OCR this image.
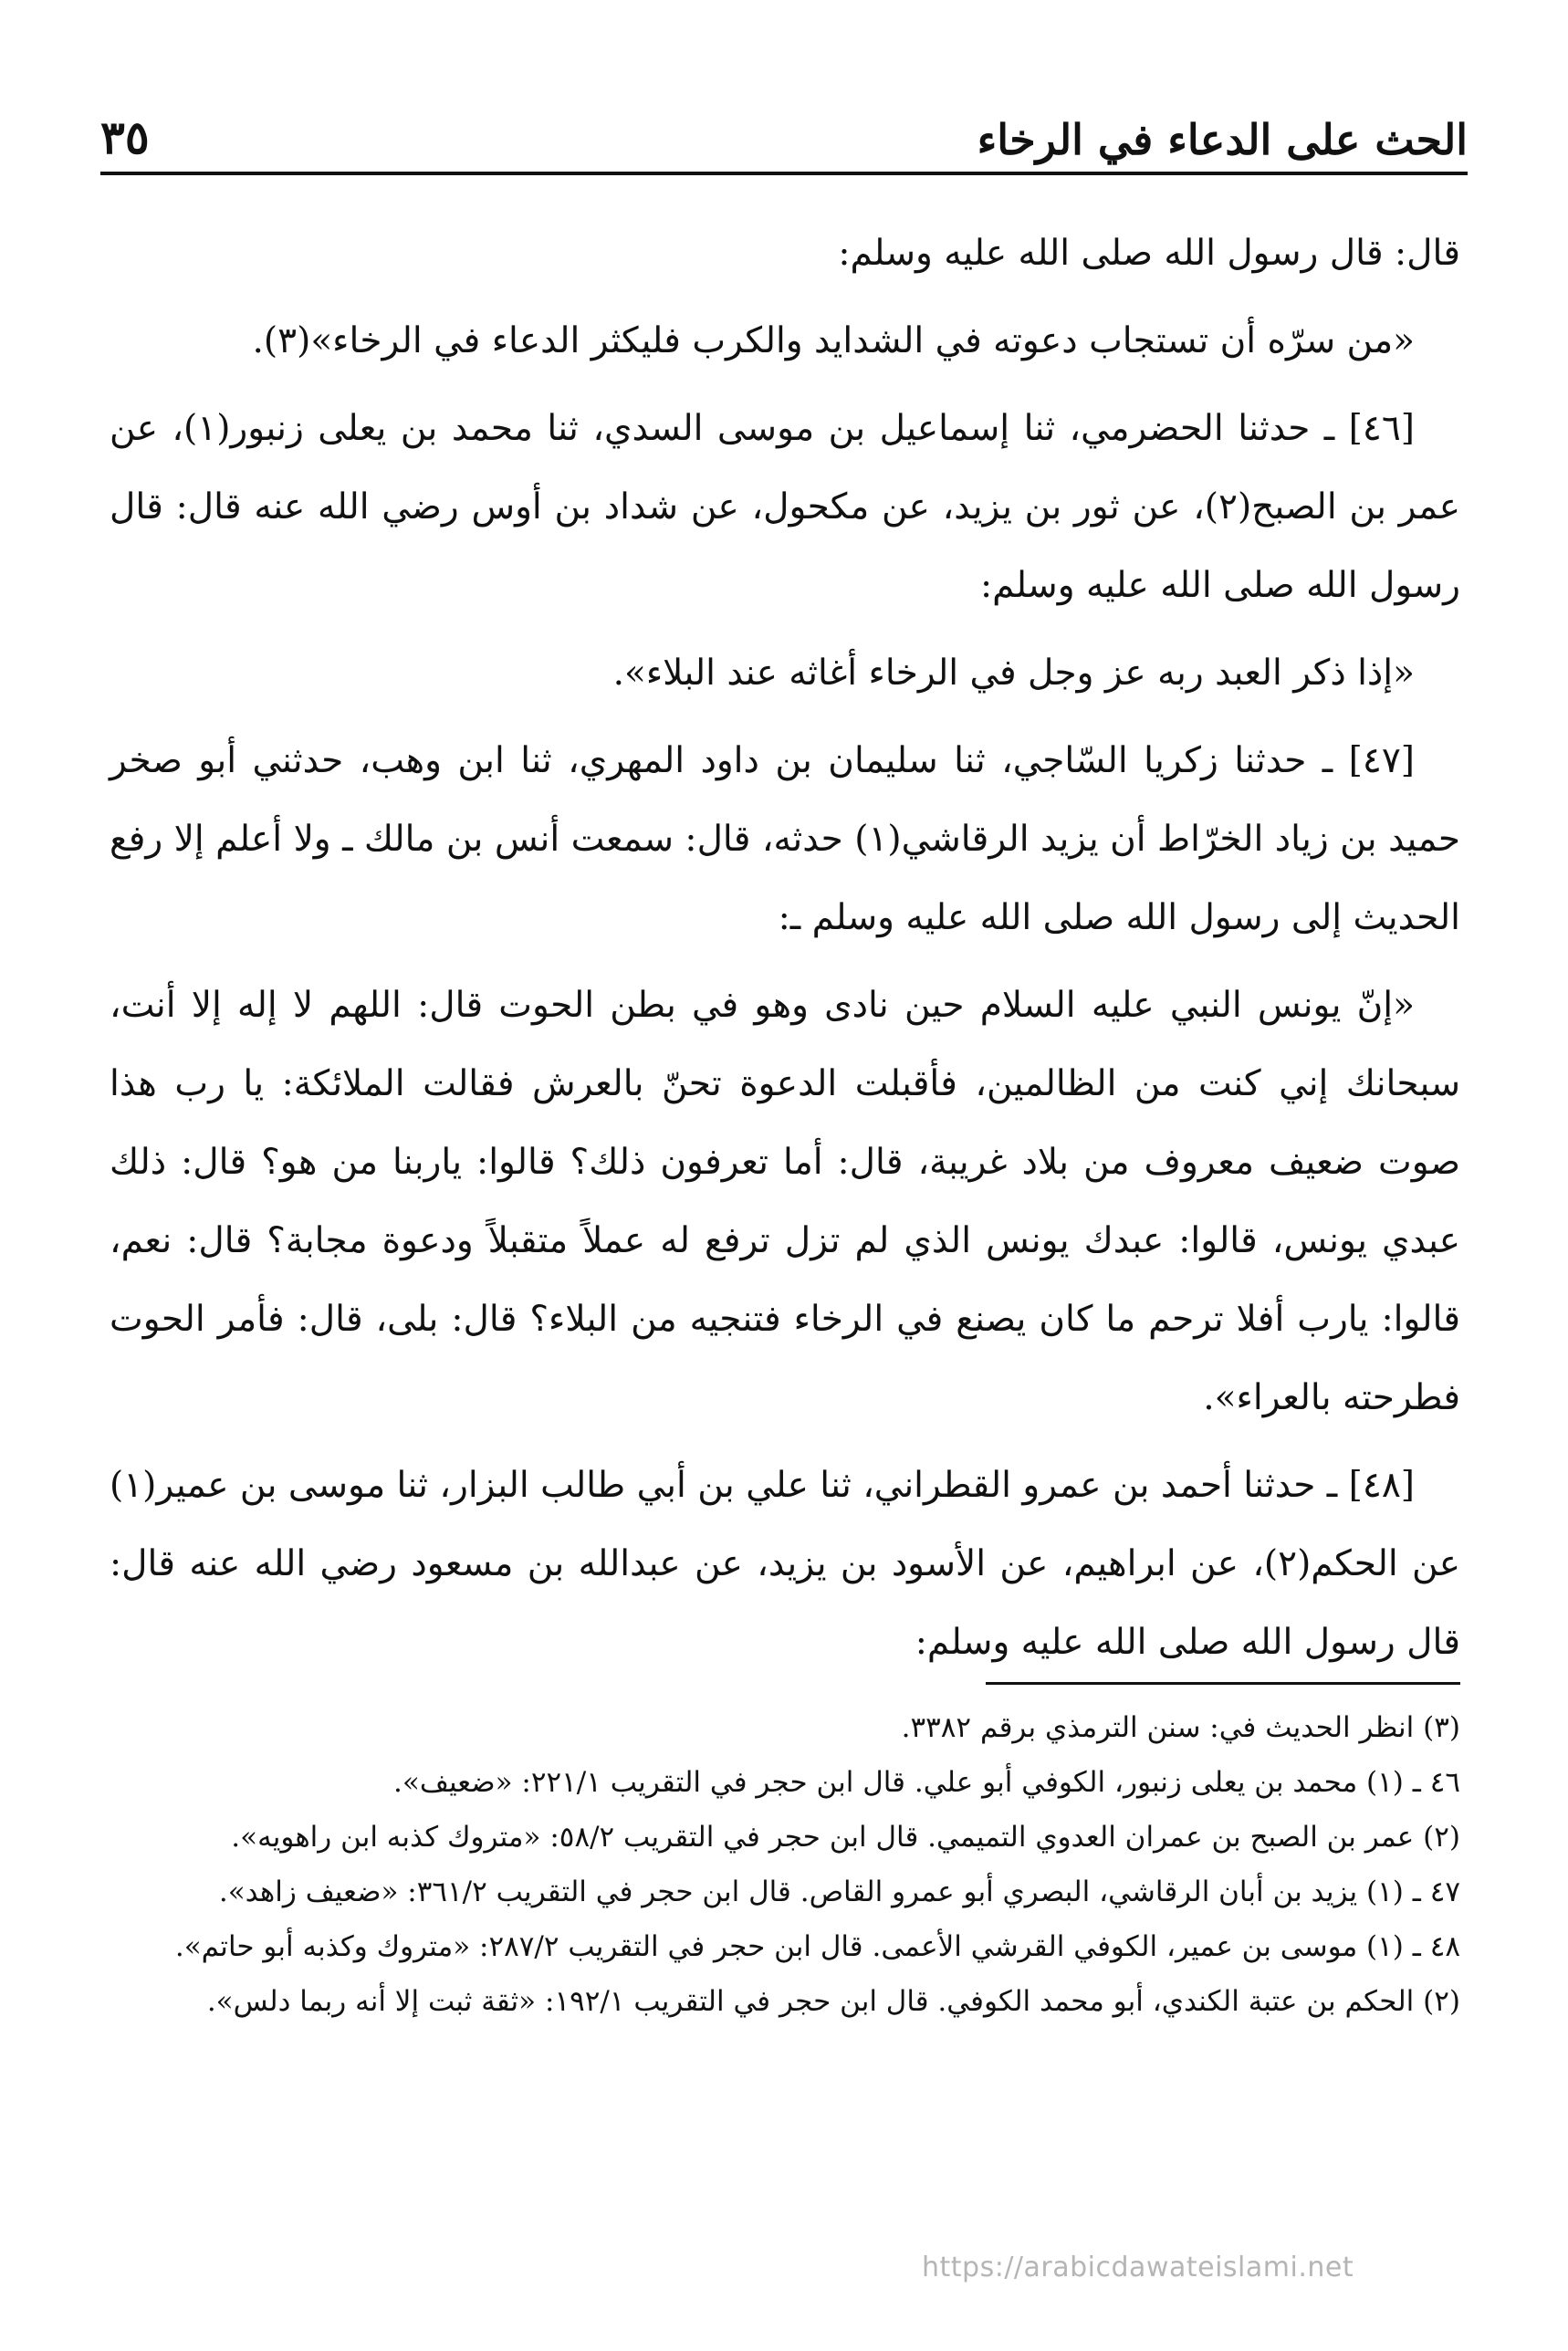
الحث على الدعاء في الرخاء
٣٥

قال: قال رسول الله صلى الله عليه وسلم:

«من سرّه أن تستجاب دعوته في الشدايد والكرب فليكثر الدعاء في الرخاء»(٣).

[٤٦] ـ حدثنا الحضرمي، ثنا إسماعيل بن موسى السدي، ثنا محمد بن يعلى زنبور(١)، عن عمر بن الصبح(٢)، عن ثور بن يزيد، عن مكحول، عن شداد بن أوس رضي الله عنه قال: قال رسول الله صلى الله عليه وسلم:

«إذا ذكر العبد ربه عز وجل في الرخاء أغاثه عند البلاء».

[٤٧] ـ حدثنا زكريا السّاجي، ثنا سليمان بن داود المهري، ثنا ابن وهب، حدثني أبو صخر حميد بن زياد الخرّاط أن يزيد الرقاشي(١) حدثه، قال: سمعت أنس بن مالك ـ ولا أعلم إلا رفع الحديث إلى رسول الله صلى الله عليه وسلم ـ:

«إنّ يونس النبي عليه السلام حين نادى وهو في بطن الحوت قال: اللهم لا إله إلا أنت، سبحانك إني كنت من الظالمين، فأقبلت الدعوة تحنّ بالعرش فقالت الملائكة: يا رب هذا صوت ضعيف معروف من بلاد غريبة، قال: أما تعرفون ذلك؟ قالوا: ياربنا من هو؟ قال: ذلك عبدي يونس، قالوا: عبدك يونس الذي لم تزل ترفع له عملاً متقبلاً ودعوة مجابة؟ قال: نعم، قالوا: يارب أفلا ترحم ما كان يصنع في الرخاء فتنجيه من البلاء؟ قال: بلى، قال: فأمر الحوت فطرحته بالعراء».

[٤٨] ـ حدثنا أحمد بن عمرو القطراني، ثنا علي بن أبي طالب البزار، ثنا موسى بن عمير(١) عن الحكم(٢)، عن ابراهيم، عن الأسود بن يزيد، عن عبدالله بن مسعود رضي الله عنه قال: قال رسول الله صلى الله عليه وسلم:

(٣) انظر الحديث في: سنن الترمذي برقم ٣٣٨٢.

٤٦ ـ (١) محمد بن يعلى زنبور، الكوفي أبو علي. قال ابن حجر في التقريب ٢٢١/١: «ضعيف».

(٢) عمر بن الصبح بن عمران العدوي التميمي. قال ابن حجر في التقريب ٥٨/٢: «متروك كذبه ابن راهويه».

٤٧ ـ (١) يزيد بن أبان الرقاشي، البصري أبو عمرو القاص. قال ابن حجر في التقريب ٣٦١/٢: «ضعيف زاهد».

٤٨ ـ (١) موسى بن عمير، الكوفي القرشي الأعمى. قال ابن حجر في التقريب ٢٨٧/٢: «متروك وكذبه أبو حاتم».

(٢) الحكم بن عتبة الكندي، أبو محمد الكوفي. قال ابن حجر في التقريب ١٩٢/١: «ثقة ثبت إلا أنه ربما دلس».

https://arabicdawateislami.net
